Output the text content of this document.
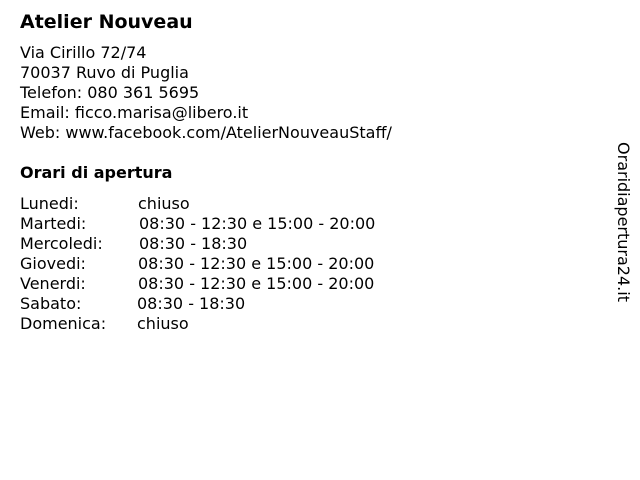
Atelier Nouveau
Via Cirillo 72/74
70037 Ruvo di Puglia
Telefon: 080 361 5695
Email: ficco.marisa@libero.it
Web: www.facebook.com/AtelierNouveauStaff/
Orari di apertura
Lunedi:	chiuso
Martedi:	08:30 - 12:30 e 15:00 - 20:00
Mercoledi: 08:30 - 18:30
Giovedi:	08:30 - 12:30 e 15:00 - 20:00
Venerdi:	08:30 - 12:30 e 15:00 - 20:00
Sabato:	08:30 - 18:30
Domenica: chiuso
Oraridiapertura24.it
